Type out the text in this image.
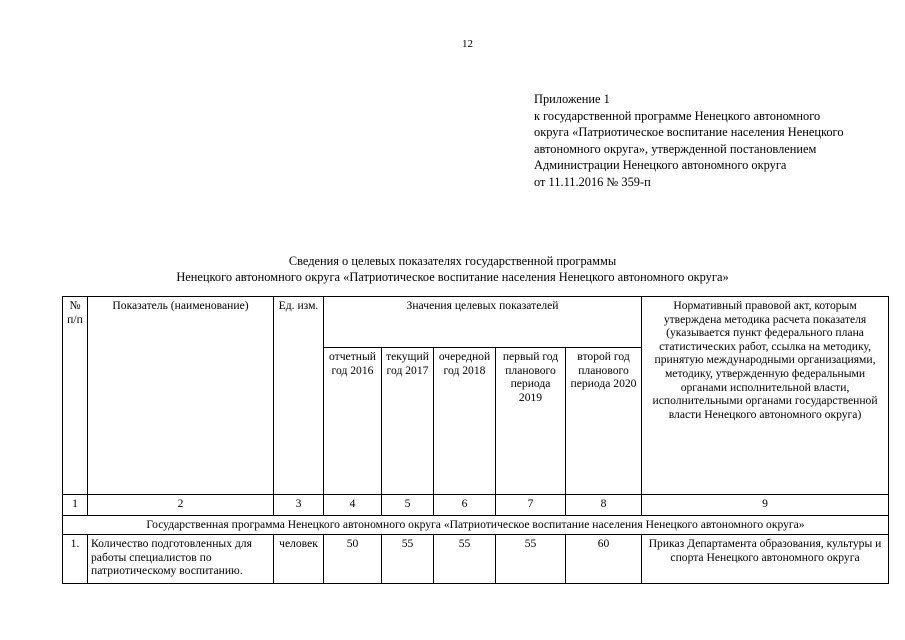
12
Приложение 1
к государственной программе Ненецкого автономного
округа «Патриотическое воспитание населения Ненецкого
автономного округа», утвержденной постановлением
Администрации Ненецкого автономного округа
от 11.11.2016 № 359-п
Сведения о целевых показателях государственной программы
Ненецкого автономного округа «Патриотическое воспитание населения Ненецкого автономного округа»
№ п/п	Показатель (наименование)	Ед. изм.	Значения целевых показателей					Нормативный правовой акт, которым утверждена методика расчета показателя (указывается пункт федерального плана статистических работ, ссылка на методику, принятую международными организациями, методику, утвержденную федеральными органами исполнительной власти, исполнительными органами государственной власти Ненецкого автономного округа)
			отчетный год 2016	текущий год 2017	очередной год 2018	первый год планового периода 2019	второй год планового периода 2020	
1	2	3	4	5	6	7	8	9
Государственная программа Ненецкого автономного округа «Патриотическое воспитание населения Ненецкого автономного округа»								
1.	Количество подготовленных для работы специалистов по патриотическому воспитанию.	человек	50	55	55	55	60	Приказ Департамента образования, культуры и спорта Ненецкого автономного округа
